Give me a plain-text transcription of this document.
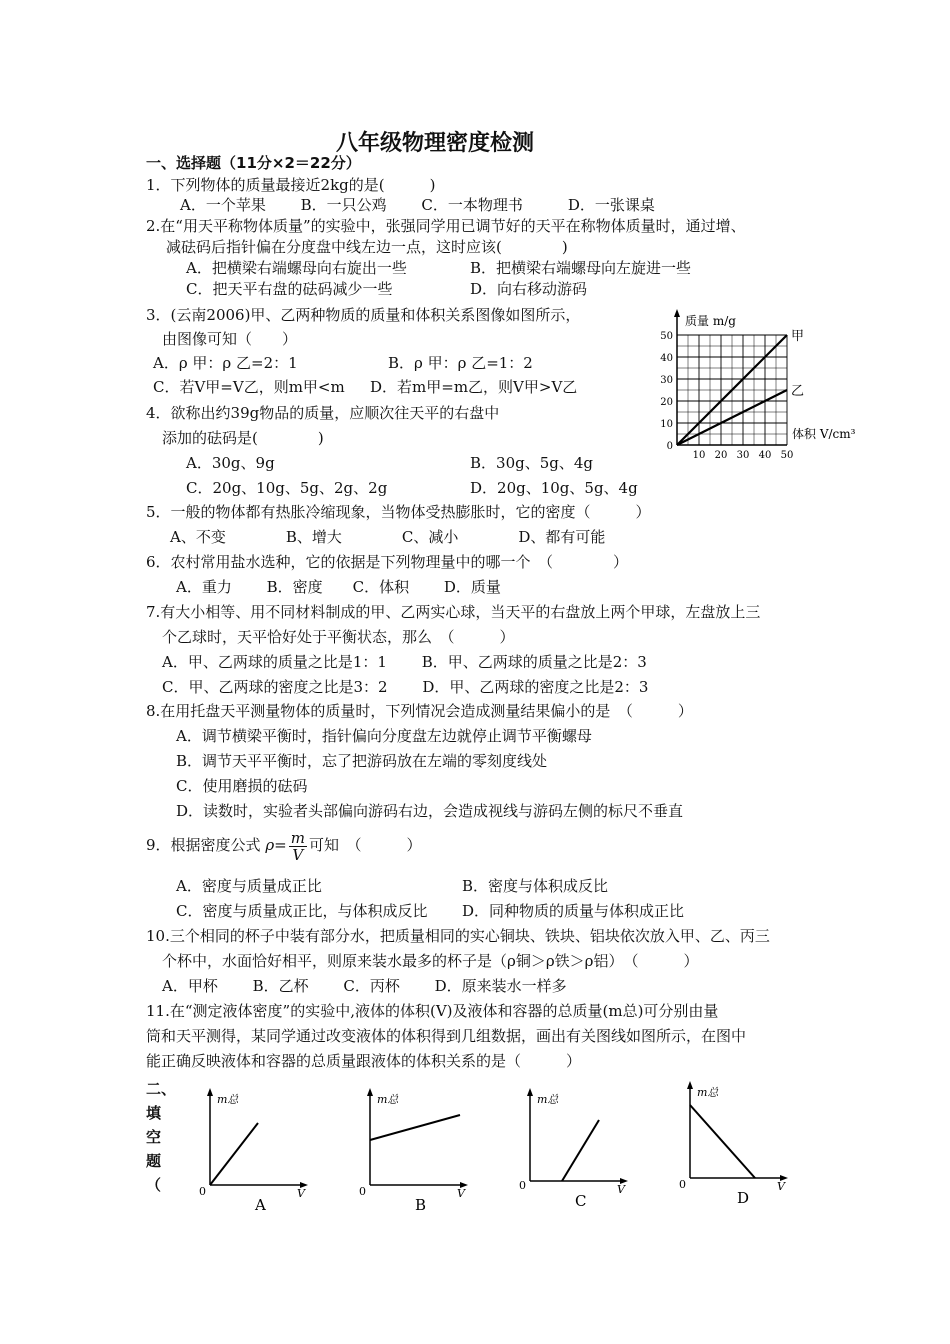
八年级物理密度检测
一、选择题（11分×2＝22分）
1．下列物体的质量最接近2kg的是(　　　)
A．一个苹果　　 B．一只公鸡　　 C．一本物理书　　　D．一张课桌
2.在“用天平称物体质量”的实验中，张强同学用已调节好的天平在称物体质量时，通过增、
减砝码后指针偏在分度盘中线左边一点，这时应该(　　　　)
A．把横梁右端螺母向右旋出一些	B．把横梁右端螺母向左旋进一些
C．把天平右盘的砝码减少一些	D．向右移动游码
3．(云南2006)甲、乙两种物质的质量和体积关系图像如图所示，
由图像可知（　　）
A．ρ 甲：ρ 乙=2：1	B．ρ 甲：ρ 乙=1：2
C．若V甲=V乙，则m甲<m D．若m甲=m乙，则V甲>V乙
质量 m/g
体积 V/cm³
50
40
30
20
10
0
10 20 30 40 50
甲
乙
4．欲称出约39g物品的质量，应顺次往天平的右盘中
添加的砝码是(　　　　)
A．30g、9g	B．30g、5g、4g
C．20g、10g、5g、2g、2g	D．20g、10g、5g、4g
5．一般的物体都有热胀冷缩现象，当物体受热膨胀时，它的密度（　　　）
A、不变　　　　B、增大　　　　C、减小　　　　D、都有可能
6．农村常用盐水选种，它的依据是下列物理量中的哪一个　（　　　　）
A．重力　　 B．密度　　C．体积　　 D．质量
7.有大小相等、用不同材料制成的甲、乙两实心球，当天平的右盘放上两个甲球，左盘放上三
个乙球时，天平恰好处于平衡状态，那么　（　　　）
A．甲、乙两球的质量之比是1：1　　 B．甲、乙两球的质量之比是2：3
C．甲、乙两球的密度之比是3：2　　 D．甲、乙两球的密度之比是2：3
8.在用托盘天平测量物体的质量时，下列情况会造成测量结果偏小的是　（　　　）
A．调节横梁平衡时，指针偏向分度盘左边就停止调节平衡螺母
B．调节天平平衡时，忘了把游码放在左端的零刻度线处
C．使用磨损的砝码
D．读数时，实验者头部偏向游码右边，会造成视线与游码左侧的标尺不垂直
9．根据密度公式 $\rho= \frac{m}{V}$ 可知　（　　　）
A．密度与质量成正比	B．密度与体积成反比
C．密度与质量成正比，与体积成反比 D．同种物质的质量与体积成正比
10.三个相同的杯子中装有部分水，把质量相同的实心铜块、铁块、铝块依次放入甲、乙、丙三
个杯中，水面恰好相平，则原来装水最多的杯子是（ρ铜＞ρ铁＞ρ铝）　（　　　）
A．甲杯　　 B．乙杯　　 C．丙杯　　 D．原来装水一样多
11.在“测定液体密度”的实验中,液体的体积(V)及液体和容器的总质量(m总)可分别由量
筒和天平测得，某同学通过改变液体的体积得到几组数据，画出有关图线如图所示，在图中
能正确反映液体和容器的总质量跟液体的体积关系的是（　　　）
二、
填
空
题
（
m总
V
0
A
m总
V
0
B
m总
V
0
C
m总
V
0
D
